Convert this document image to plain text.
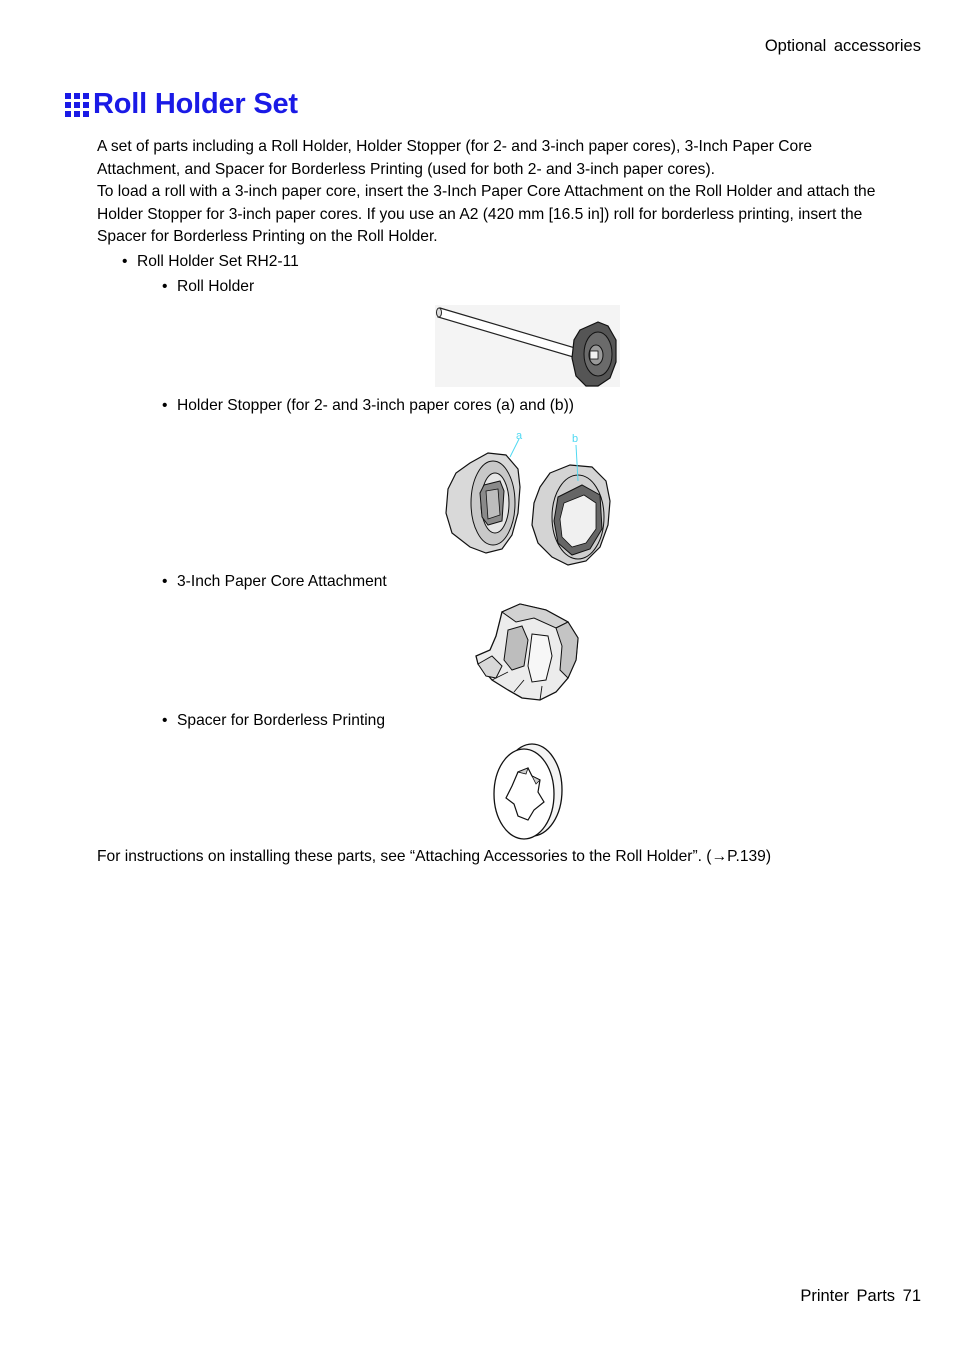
Optional accessories
Roll Holder Set
A set of parts including a Roll Holder, Holder Stopper (for 2- and 3-inch paper cores), 3-Inch Paper Core Attachment, and Spacer for Borderless Printing (used for both 2- and 3-inch paper cores).
To load a roll with a 3-inch paper core, insert the 3-Inch Paper Core Attachment on the Roll Holder and attach the Holder Stopper for 3-inch paper cores. If you use an A2 (420 mm [16.5 in]) roll for borderless printing, insert the Spacer for Borderless Printing on the Roll Holder.
• Roll Holder Set RH2-11
• Roll Holder
• Holder Stopper (for 2- and 3-inch paper cores (a) and (b))
• 3-Inch Paper Core Attachment
• Spacer for Borderless Printing
a	b
For instructions on installing these parts, see “Attaching Accessories to the Roll Holder”. (→P.139)
Printer Parts 71
